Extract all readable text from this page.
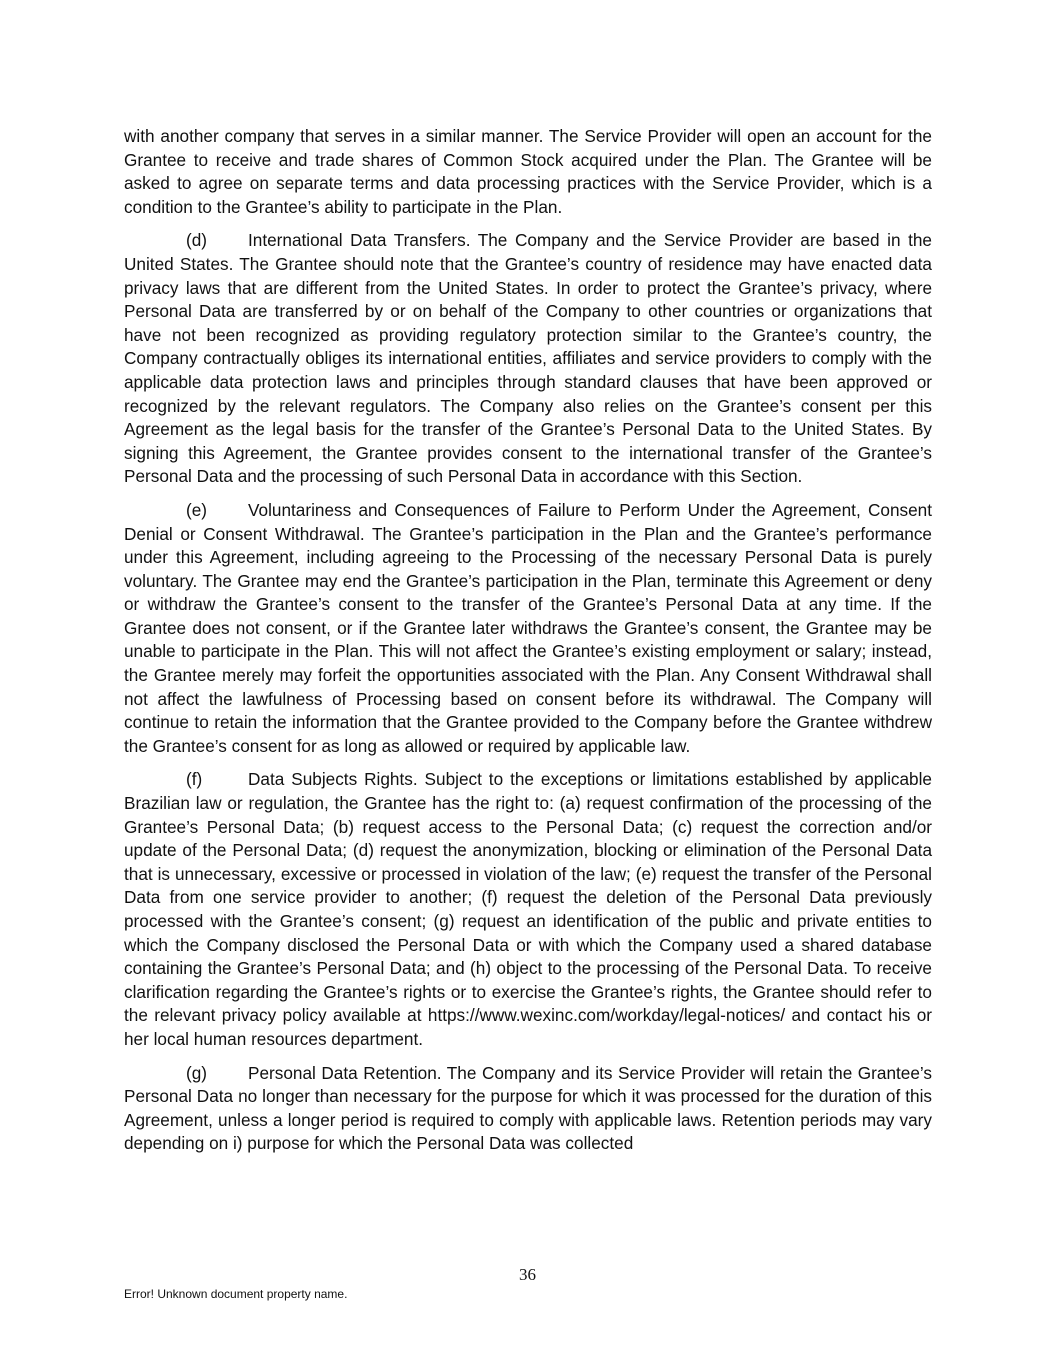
with another company that serves in a similar manner. The Service Provider will open an account for the Grantee to receive and trade shares of Common Stock acquired under the Plan. The Grantee will be asked to agree on separate terms and data processing practices with the Service Provider, which is a condition to the Grantee’s ability to participate in the Plan.

(d) International Data Transfers. The Company and the Service Provider are based in the United States. The Grantee should note that the Grantee’s country of residence may have enacted data privacy laws that are different from the United States. In order to protect the Grantee’s privacy, where Personal Data are transferred by or on behalf of the Company to other countries or organizations that have not been recognized as providing regulatory protection similar to the Grantee’s country, the Company contractually obliges its international entities, affiliates and service providers to comply with the applicable data protection laws and principles through standard clauses that have been approved or recognized by the relevant regulators. The Company also relies on the Grantee’s consent per this Agreement as the legal basis for the transfer of the Grantee’s Personal Data to the United States. By signing this Agreement, the Grantee provides consent to the international transfer of the Grantee’s Personal Data and the processing of such Personal Data in accordance with this Section.

(e) Voluntariness and Consequences of Failure to Perform Under the Agreement, Consent Denial or Consent Withdrawal. The Grantee’s participation in the Plan and the Grantee’s performance under this Agreement, including agreeing to the Processing of the necessary Personal Data is purely voluntary. The Grantee may end the Grantee’s participation in the Plan, terminate this Agreement or deny or withdraw the Grantee’s consent to the transfer of the Grantee’s Personal Data at any time. If the Grantee does not consent, or if the Grantee later withdraws the Grantee’s consent, the Grantee may be unable to participate in the Plan. This will not affect the Grantee’s existing employment or salary; instead, the Grantee merely may forfeit the opportunities associated with the Plan. Any Consent Withdrawal shall not affect the lawfulness of Processing based on consent before its withdrawal. The Company will continue to retain the information that the Grantee provided to the Company before the Grantee withdrew the Grantee’s consent for as long as allowed or required by applicable law.

(f)	Data Subjects Rights. Subject to the exceptions or limitations established by applicable Brazilian law or regulation, the Grantee has the right to: (a) request confirmation of the processing of the Grantee’s Personal Data; (b) request access to the Personal Data; (c) request the correction and/or update of the Personal Data; (d) request the anonymization, blocking or elimination of the Personal Data that is unnecessary, excessive or processed in violation of the law; (e) request the transfer of the Personal Data from one service provider to another; (f) request the deletion of the Personal Data previously processed with the Grantee’s consent; (g) request an identification of the public and private entities to which the Company disclosed the Personal Data or with which the Company used a shared database containing the Grantee’s Personal Data; and (h) object to the processing of the Personal Data. To receive clarification regarding the Grantee’s rights or to exercise the Grantee’s rights, the Grantee should refer to the relevant privacy policy available at https://www.wexinc.com/workday/legal-notices/ and contact his or her local human resources department.

(g) Personal Data Retention. The Company and its Service Provider will retain the Grantee’s Personal Data no longer than necessary for the purpose for which it was processed for the duration of this Agreement, unless a longer period is required to comply with applicable laws. Retention periods may vary depending on i) purpose for which the Personal Data was collected

36
Error! Unknown document property name.
